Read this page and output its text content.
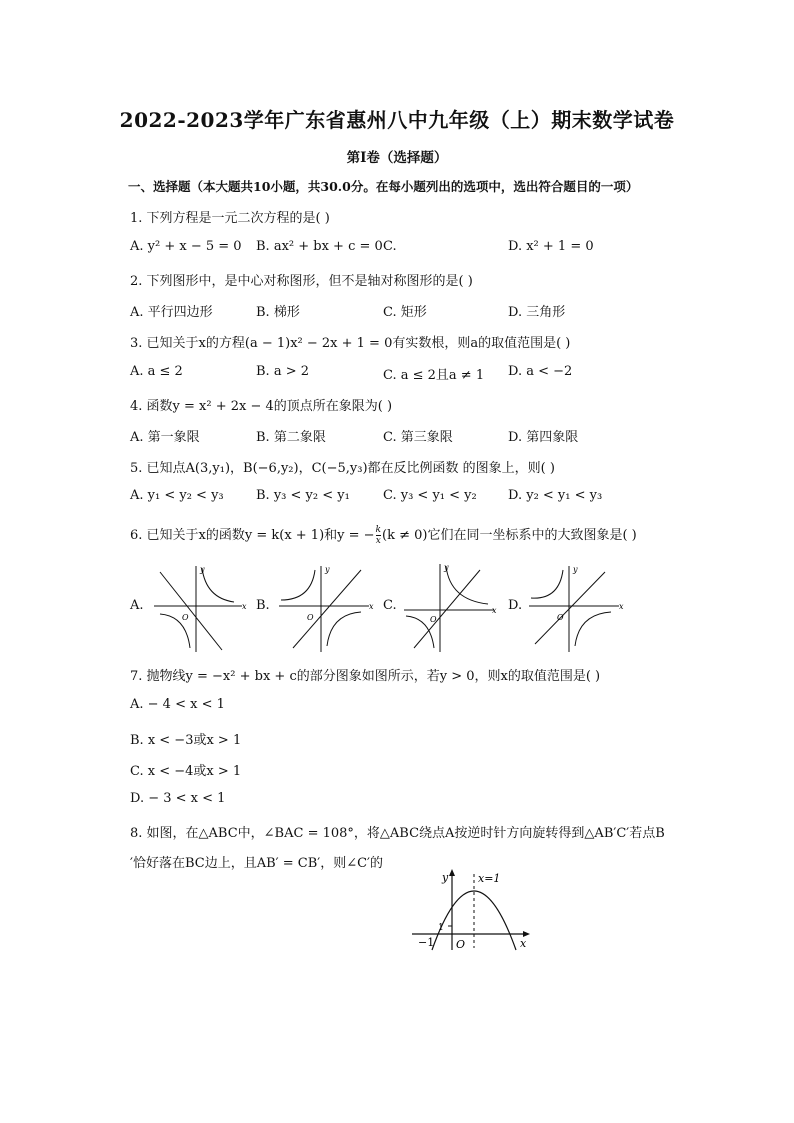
2022-2023学年广东省惠州八中九年级（上）期末数学试卷
第Ⅰ卷（选择题）
一、选择题（本大题共10小题，共30.0分。在每小题列出的选项中，选出符合题目的一项）
1. 下列方程是一元二次方程的是( )
A. y² + x − 5 = 0 B. ax² + bx + c = 0 C.	D. x² + 1 = 0
2. 下列图形中，是中心对称图形，但不是轴对称图形的是( )
A. 平行四边形	B. 梯形	C. 矩形	D. 三角形
3. 已知关于x的方程(a − 1)x² − 2x + 1 = 0有实数根，则a的取值范围是( )
A. a ≤ 2	B. a > 2	C. a ≤ 2且a ≠ 1 D. a < −2
4. 函数y = x² + 2x − 4的顶点所在象限为( )
A. 第一象限	B. 第二象限	C. 第三象限	D. 第四象限
5. 已知点A(3,y₁)，B(−6,y₂)，C(−5,y₃)都在反比例函数 的图象上，则( )
A. y₁ < y₂ < y₃ B. y₃ < y₂ < y₁	C. y₃ < y₁ < y₂ D. y₂ < y₁ < y₃
6. 已知关于x的函数y = k(x + 1)和y = − $\frac{k}{x} (k \ne 0)$它们在同一坐标系中的大致图象是( )
A.	B.	C.	D.
y
x
O
y
x
O
y
x
O
y
x
O
7. 抛物线y = −x² + bx + c的部分图象如图所示，若y > 0，则x的取值范围是( )
A. − 4 < x < 1
B. x < −3或x > 1
C. x < −4或x > 1
D. − 3 < x < 1
8. 如图，在△ABC中，∠BAC = 108°，将△ABC绕点A按逆时针方向旋转得到△AB′C′若点B
′恰好落在BC边上，且AB′ = CB′，则∠C′的
y
x
x=1
O
−1
1
